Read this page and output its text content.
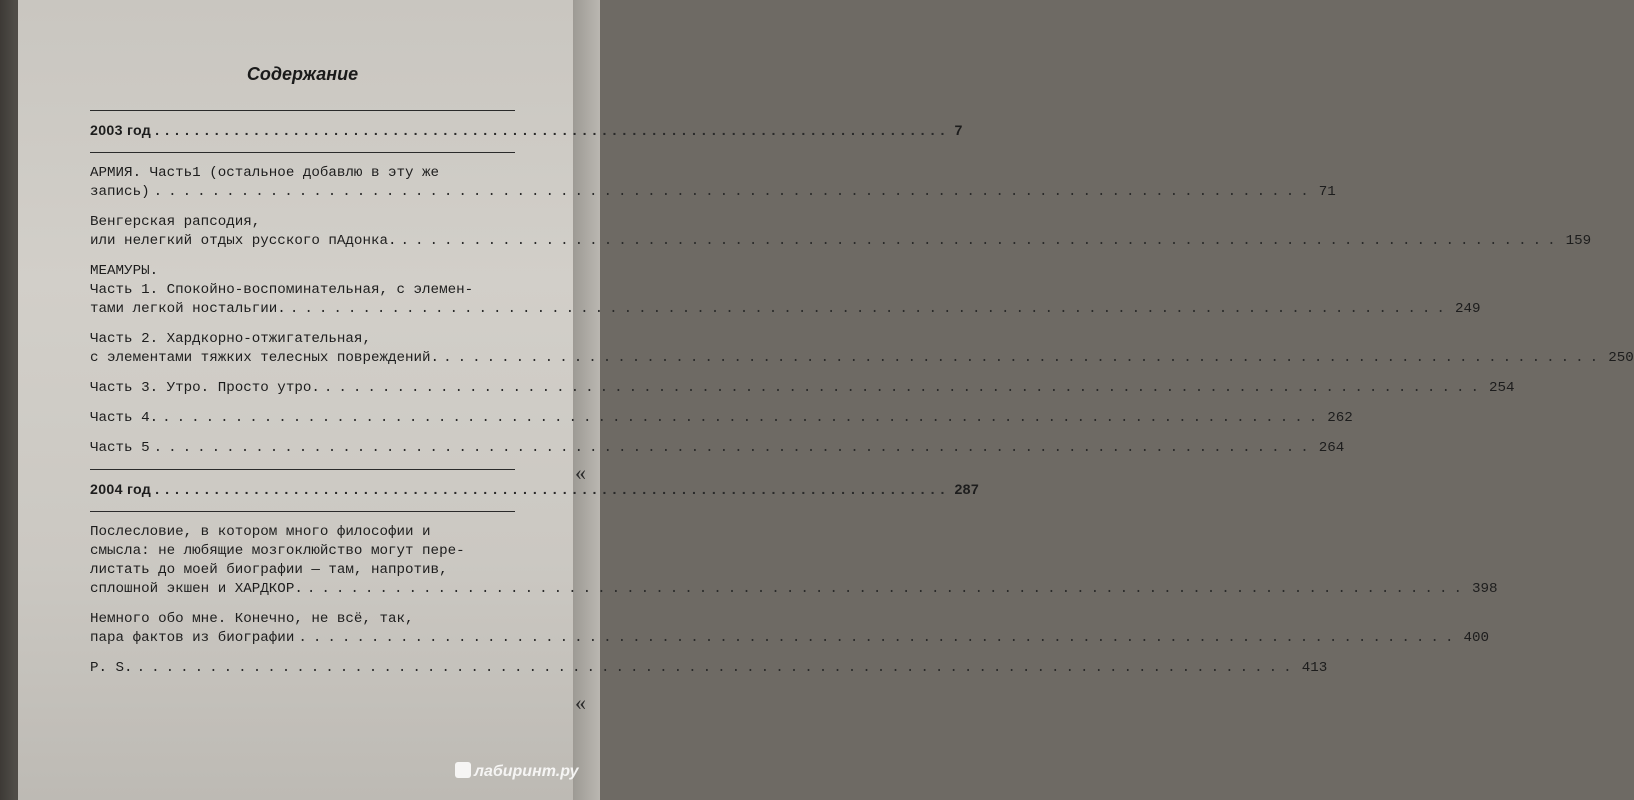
«
«
Содержание
2003 год ................................................................................ 7
АРМИЯ. Часть1 (остальное добавлю в эту же
запись) ................................................................................ 71
Венгерская рапсодия,
или нелегкий отдых русского пАдонка. ................................................................................ 159
МЕАМУРЫ.
Часть 1. Спокойно-воспоминательная, с элемен-
тами легкой ностальгии. ................................................................................ 249
Часть 2. Хардкорно-отжигательная,
с элементами тяжких телесных повреждений. ................................................................................ 250
Часть 3. Утро. Просто утро. ................................................................................ 254
Часть 4. ................................................................................ 262
Часть 5 ................................................................................ 264
2004 год ................................................................................ 287
Послесловие, в котором много философии и
смысла: не любящие мозгоклюйство могут пере-
листать до моей биографии — там, напротив,
сплошной экшен и ХАРДКОР. ................................................................................ 398
Немного обо мне. Конечно, не всё, так,
пара фактов из биографии ................................................................................ 400
P. S. ................................................................................ 413
лабиринт.ру
